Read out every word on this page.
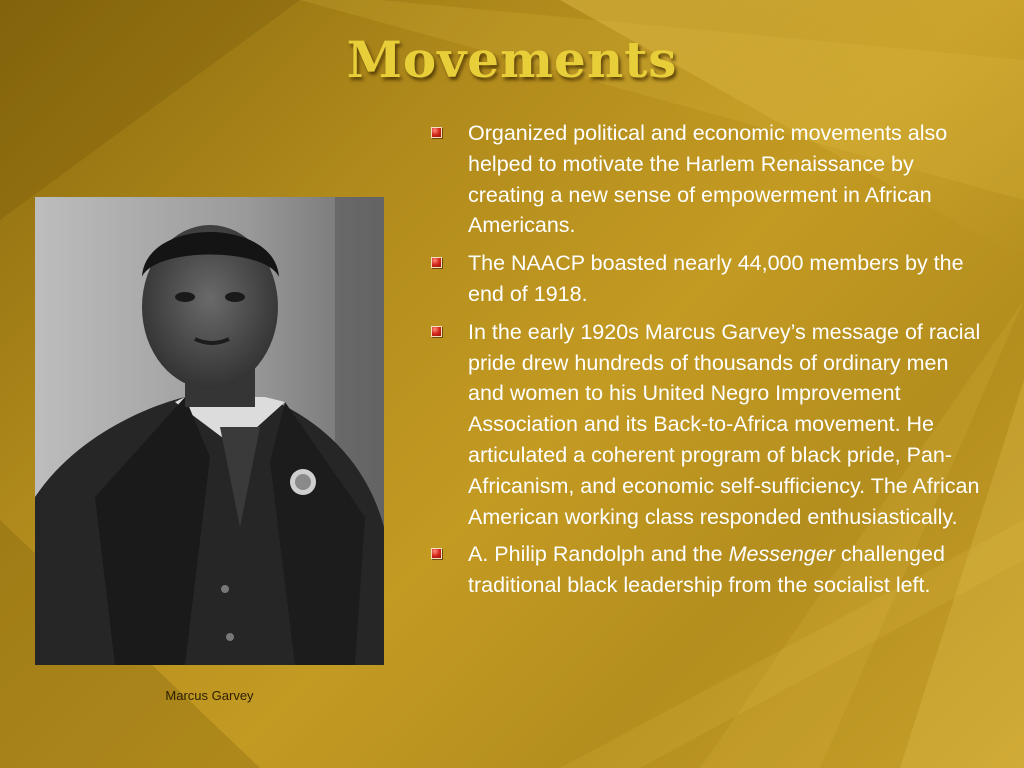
Movements
Marcus Garvey
Organized political and economic movements also helped to motivate the Harlem Renaissance by creating a new sense of empowerment in African Americans.
The NAACP boasted nearly 44,000 members by the end of 1918.
In the early 1920s Marcus Garvey’s message of racial pride drew hundreds of thousands of ordinary men and women to his United Negro Improvement Association and its Back-to-Africa movement. He articulated a coherent program of black pride, Pan-Africanism, and economic self-sufficiency. The African American working class responded enthusiastically.
A. Philip Randolph and the Messenger challenged traditional black leadership from the socialist left.
